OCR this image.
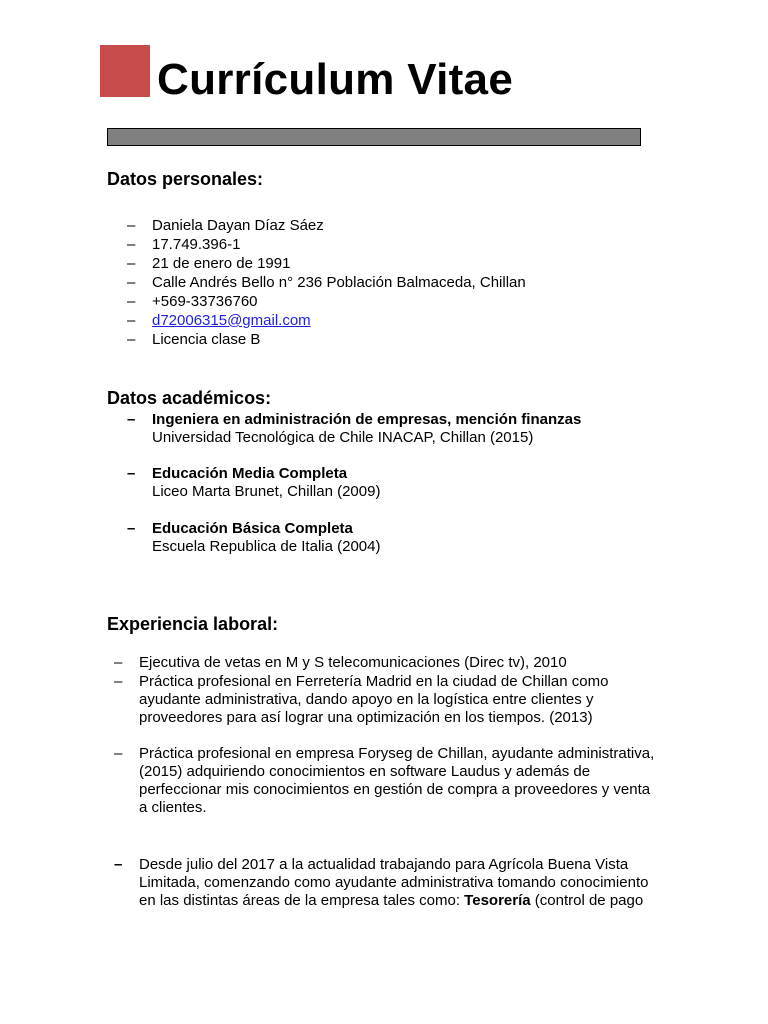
Currículum Vitae
Datos personales:
– Daniela Dayan Díaz Sáez
– 17.749.396-1
– 21 de enero de 1991
– Calle Andrés Bello n° 236 Población Balmaceda, Chillan
– +569-33736760
– d72006315@gmail.com
– Licencia clase B
Datos académicos:
–	Ingeniera en administración de empresas, mención finanzas
Universidad Tecnológica de Chile INACAP, Chillan (2015)
–	Educación Media Completa
Liceo Marta Brunet, Chillan (2009)
–	Educación Básica Completa
Escuela Republica de Italia (2004)
Experiencia laboral:
–	Ejecutiva de vetas en M y S telecomunicaciones (Direc tv), 2010
–	Práctica profesional en Ferretería Madrid en la ciudad de Chillan como
ayudante administrativa, dando apoyo en la logística entre clientes y
proveedores para así lograr una optimización en los tiempos. (2013)
–	Práctica profesional en empresa Foryseg de Chillan, ayudante administrativa,
(2015) adquiriendo conocimientos en software Laudus y además de
perfeccionar mis conocimientos en gestión de compra a proveedores y venta
a clientes.
–	Desde julio del 2017 a la actualidad trabajando para Agrícola Buena Vista
Limitada, comenzando como ayudante administrativa tomando conocimiento
en las distintas áreas de la empresa tales como: Tesorería (control de pago
